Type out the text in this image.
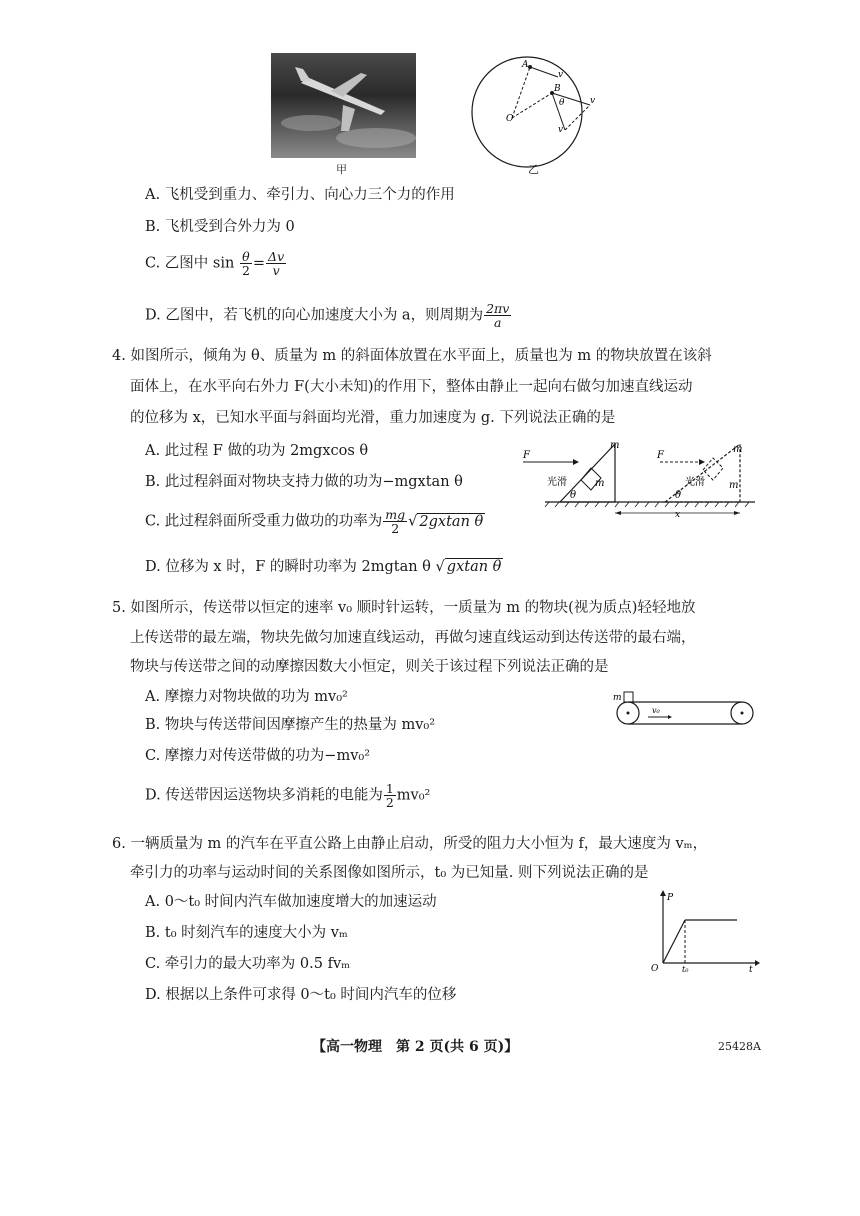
甲
A
B
O
v
v
v
θ
乙
A. 飞机受到重力、牵引力、向心力三个力的作用
B. 飞机受到合外力为 0
C. 乙图中 $\sin \frac{\theta}{2} = \frac{\Delta v}{v}$
D. 乙图中，若飞机的向心加速度大小为 a，则周期为 $\frac{2\pi v}{a}$
4. 如图所示，倾角为 θ、质量为 m 的斜面体放置在水平面上，质量也为 m 的物块放置在该斜
面体上，在水平向右外力 F(大小未知)的作用下，整体由静止一起向右做匀加速直线运动
的位移为 x，已知水平面与斜面均光滑，重力加速度为 g. 下列说法正确的是
A. 此过程 F 做的功为 2mgxcos θ
B. 此过程斜面对物块支持力做的功为−mgxtan θ
C. 此过程斜面所受重力做功的功率为 $\frac{mg}{2}$ √ 2gxtan θ
D. 位移为 x 时，F 的瞬时功率为 2mgtan θ √ gxtan θ
F
m
m
光滑
θ
F
m
m
光滑
θ
x
5. 如图所示，传送带以恒定的速率 v₀ 顺时针运转，一质量为 m 的物块(视为质点)轻轻地放
上传送带的最左端，物块先做匀加速直线运动，再做匀速直线运动到达传送带的最右端，
物块与传送带之间的动摩擦因数大小恒定，则关于该过程下列说法正确的是
A. 摩擦力对物块做的功为 mv₀²
B. 物块与传送带间因摩擦产生的热量为 mv₀²
C. 摩擦力对传送带做的功为−mv₀²
D. 传送带因运送物块多消耗的电能为 $\frac{1}{2} mv_0^2$
m
v₀
6. 一辆质量为 m 的汽车在平直公路上由静止启动，所受的阻力大小恒为 f，最大速度为 vₘ，
牵引力的功率与运动时间的关系图像如图所示，t₀ 为已知量. 则下列说法正确的是
A. 0～t₀ 时间内汽车做加速度增大的加速运动
B. t₀ 时刻汽车的速度大小为 vₘ
C. 牵引力的最大功率为 0.5 fvₘ
D. 根据以上条件可求得 0～t₀ 时间内汽车的位移
P
O	t₀	t
【高一物理　第 2 页(共 6 页)】	25428A
